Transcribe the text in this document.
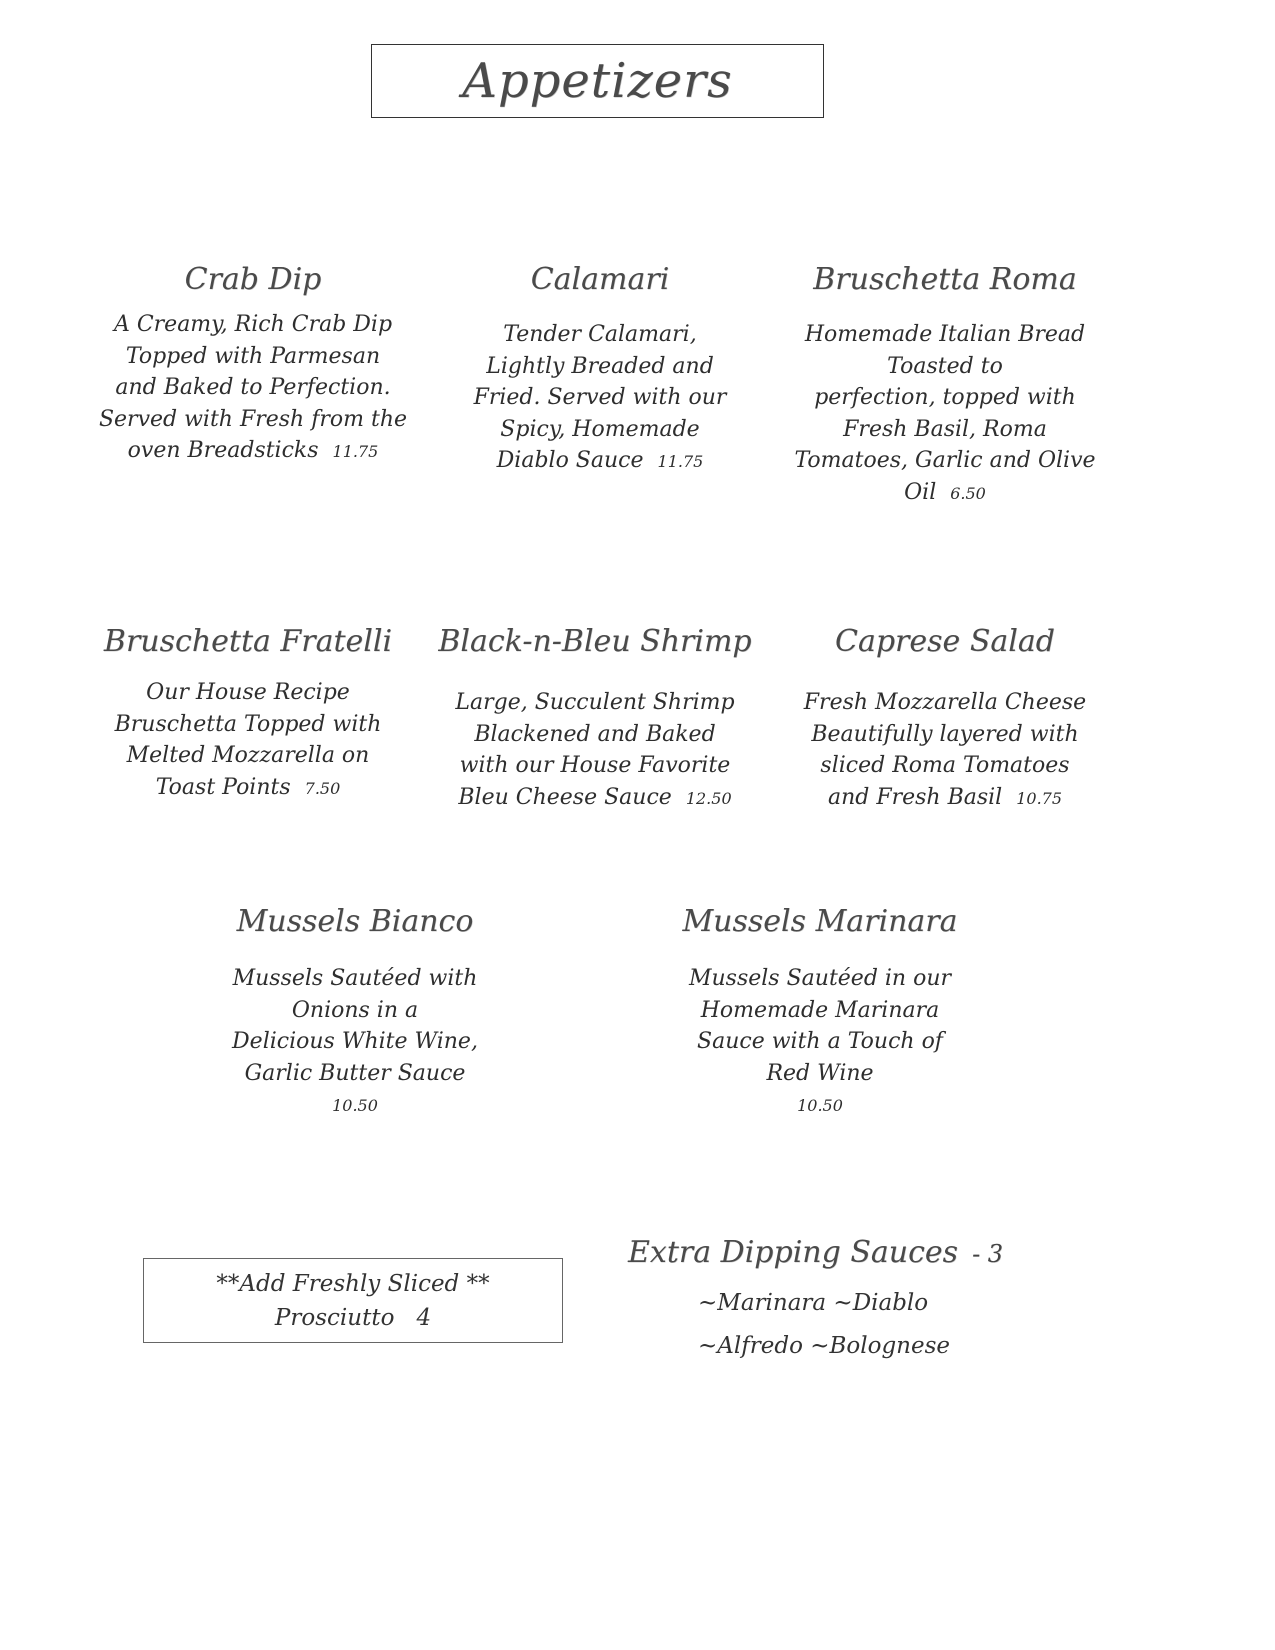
Appetizers
Crab Dip
A Creamy, Rich Crab Dip
Topped with Parmesan
and Baked to Perfection.
Served with Fresh from the
oven Breadsticks 11.75
Calamari
Tender Calamari,
Lightly Breaded and
Fried. Served with our
Spicy, Homemade
Diablo Sauce 11.75
Bruschetta Roma
Homemade Italian Bread
Toasted to
perfection, topped with
Fresh Basil, Roma
Tomatoes, Garlic and Olive
Oil 6.50
Bruschetta Fratelli
Our House Recipe
Bruschetta Topped with
Melted Mozzarella on
Toast Points 7.50
Black-n-Bleu Shrimp
Large, Succulent Shrimp
Blackened and Baked
with our House Favorite
Bleu Cheese Sauce 12.50
Caprese Salad
Fresh Mozzarella Cheese
Beautifully layered with
sliced Roma Tomatoes
and Fresh Basil 10.75
Mussels Bianco
Mussels Sautéed with
Onions in a
Delicious White Wine,
Garlic Butter Sauce
10.50
Mussels Marinara
Mussels Sautéed in our
Homemade Marinara
Sauce with a Touch of
Red Wine
10.50
**Add Freshly Sliced **
Prosciutto 4
Extra Dipping Sauces - 3
~Marinara ~Diablo
~Alfredo ~Bolognese
